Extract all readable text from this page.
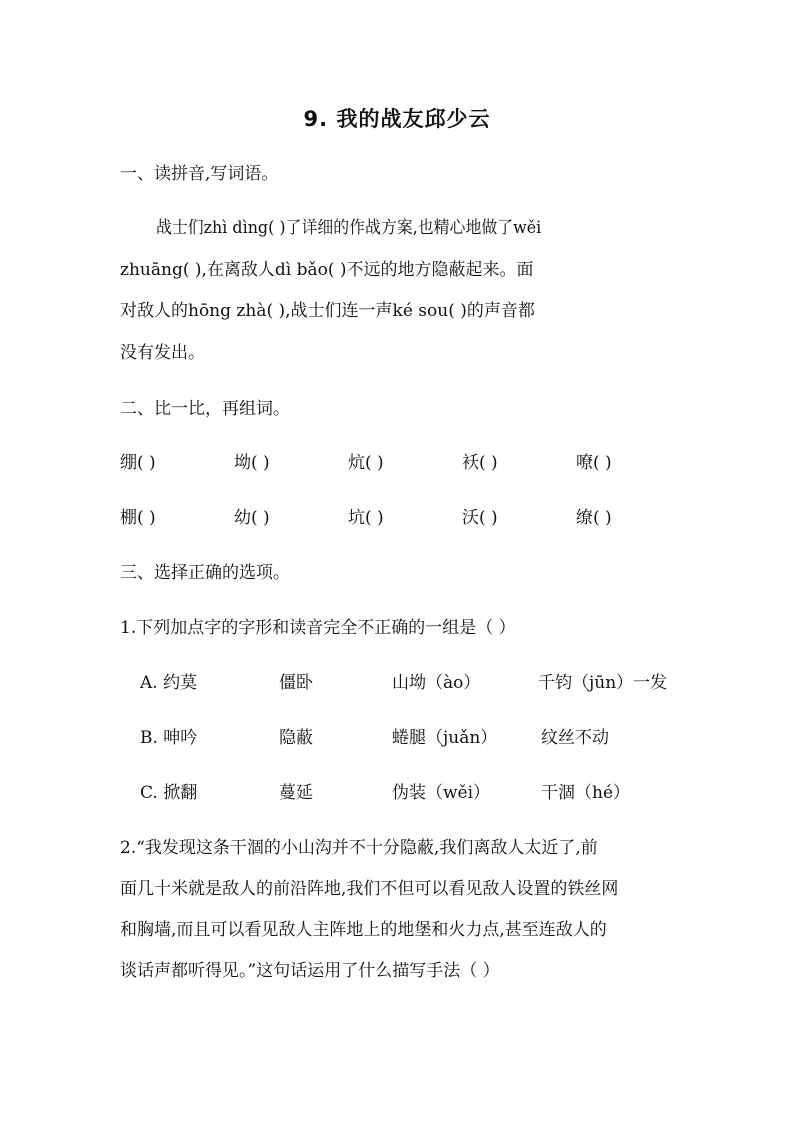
9. 我的战友邱少云
一、读拼音,写词语。
战士们zhì dìng( )了详细的作战方案,也精心地做了wěi
zhuāng( ),在离敌人dì bǎo( )不远的地方隐蔽起来。面
对敌人的hōng zhà( ),战士们连一声ké sou( )的声音都
没有发出。
二、比一比，再组词。
绷( )	坳( )	炕( )	袄( )	嘹( )
棚( )	幼( )	坑( )	沃( )	缭( )
三、选择正确的选项。
1.下列加点字的字形和读音完全不正确的一组是（ ）
A. 约莫	僵卧	山坳（ào）	千钧（jūn）一发
B. 呻吟	隐蔽	蜷腿（juǎn）	纹丝不动
C. 掀翻	蔓延	伪装（wěi）	干涸（hé）
2.“我发现这条干涸的小山沟并不十分隐蔽,我们离敌人太近了,前
面几十米就是敌人的前沿阵地,我们不但可以看见敌人设置的铁丝网
和胸墙,而且可以看见敌人主阵地上的地堡和火力点,甚至连敌人的
谈话声都听得见。”这句话运用了什么描写手法（ ）
